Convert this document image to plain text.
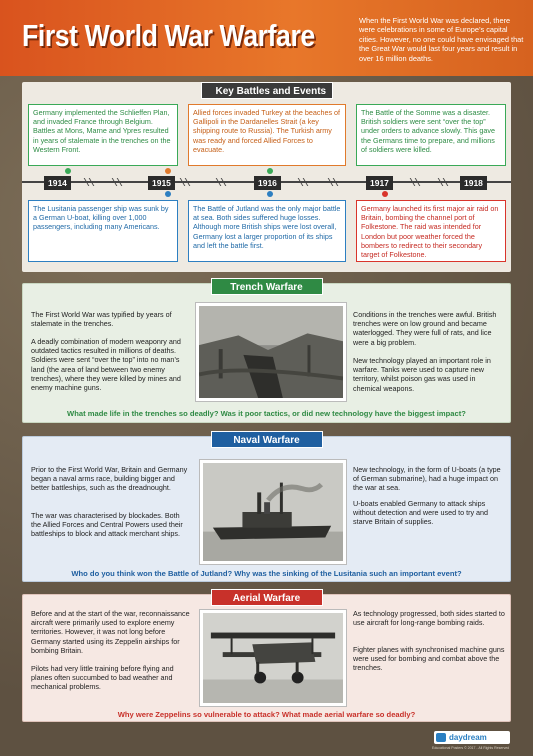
First World War Warfare	When the First World War was declared, there were celebrations in some of Europe’s capital cities. However, no one could have envisaged that the Great War would last four years and result in over 16 million deaths.
Key Battles and Events
Germany implemented the Schlieffen Plan, and invaded France through Belgium. Battles at Mons, Marne and Ypres resulted in years of stalemate in the trenches on the Western Front.
Allied forces invaded Turkey at the beaches of Gallipoli in the Dardanelles Strait (a key shipping route to Russia). The Turkish army was ready and forced Allied Forces to evacuate.
The Battle of the Somme was a disaster. British soldiers were sent “over the top” under orders to advance slowly. This gave the Germans time to prepare, and millions of soldiers were killed.
1914	1915	1916	1917	1918
The Lusitania passenger ship was sunk by a German U-boat, killing over 1,000 passengers, including many Americans.
The Battle of Jutland was the only major battle at sea. Both sides suffered huge losses. Although more British ships were lost overall, Germany lost a larger proportion of its ships and left the battle first.
Germany launched its first major air raid on Britain, bombing the channel port of Folkestone. The raid was intended for London but poor weather forced the bombers to redirect to their secondary target of Folkestone.
Trench Warfare
The First World War was typified by years of stalemate in the trenches.
A deadly combination of modern weaponry and outdated tactics resulted in millions of deaths. Soldiers were sent “over the top” into no man’s land (the area of land between two enemy trenches), where they were killed by mines and enemy machine guns.
Conditions in the trenches were awful. British trenches were on low ground and became waterlogged. They were full of rats, and lice were a big problem.
New technology played an important role in warfare. Tanks were used to capture new territory, whilst poison gas was used in chemical weapons.
What made life in the trenches so deadly? Was it poor tactics, or did new technology have the biggest impact?
Naval Warfare
Prior to the First World War, Britain and Germany began a naval arms race, building bigger and better battleships, such as the dreadnought.
The war was characterised by blockades. Both the Allied Forces and Central Powers used their battleships to block and attack merchant ships.
New technology, in the form of U-boats (a type of German submarine), had a huge impact on the war at sea.
U-boats enabled Germany to attack ships without detection and were used to try and starve Britain of supplies.
Who do you think won the Battle of Jutland? Why was the sinking of the Lusitania such an important event?
Aerial Warfare
Before and at the start of the war, reconnaissance aircraft were primarily used to explore enemy territories. However, it was not long before Germany started using its Zeppelin airships for bombing Britain.
Pilots had very little training before flying and planes often succumbed to bad weather and mechanical problems.
As technology progressed, both sides started to use aircraft for long-range bombing raids.
Fighter planes with synchronised machine guns were used for bombing and combat above the trenches.
Why were Zeppelins so vulnerable to attack? What made aerial warfare so deadly?
daydream
Educational Posters © 2017 - All Rights Reserved
